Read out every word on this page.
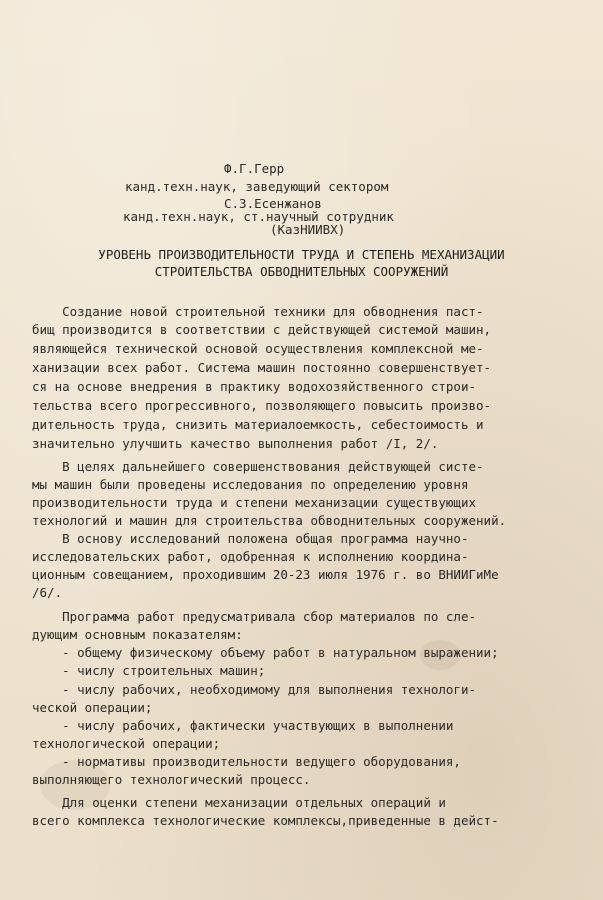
Ф.Г.Герр
канд.техн.наук, заведующий сектором
С.З.Есенжанов
канд.техн.наук, ст.научный сотрудник
(КазНИИВХ)
УРОВЕНЬ ПРОИЗВОДИТЕЛЬНОСТИ ТРУДА И СТЕПЕНЬ МЕХАНИЗАЦИИ
СТРОИТЕЛЬСТВА ОБВОДНИТЕЛЬНЫХ СООРУЖЕНИЙ
Создание новой строительной техники для обводнения паст-
бищ производится в соответствии с действующей системой машин,
являющейся технической основой осуществления комплексной ме-
ханизации всех работ. Система машин постоянно совершенствует-
ся на основе внедрения в практику водохозяйственного строи-
тельства всего прогрессивного, позволяющего повысить произво-
дительность труда, снизить материалоемкость, себестоимость и
значительно улучшить качество выполнения работ /I, 2/.
В целях дальнейшего совершенствования действующей систе-
мы машин были проведены исследования по определению уровня
производительности труда и степени механизации существующих
технологий и машин для строительства обводнительных сооружений.
В основу исследований положена общая программа научно-
исследовательских работ, одобренная к исполнению координа-
ционным совещанием, проходившим 20-23 июля 1976 г. во ВНИИГиМе
/6/.
Программа работ предусматривала сбор материалов по сле-
дующим основным показателям:
- общему физическому объему работ в натуральном выражении;
- числу строительных машин;
- числу рабочих, необходимому для выполнения технологи-
ческой операции;
- числу рабочих, фактически участвующих в выполнении
технологической операции;
- нормативы производительности ведущего оборудования,
выполняющего технологический процесс.
Для оценки степени механизации отдельных операций и
всего комплекса технологические комплексы,приведенные в дейст-
